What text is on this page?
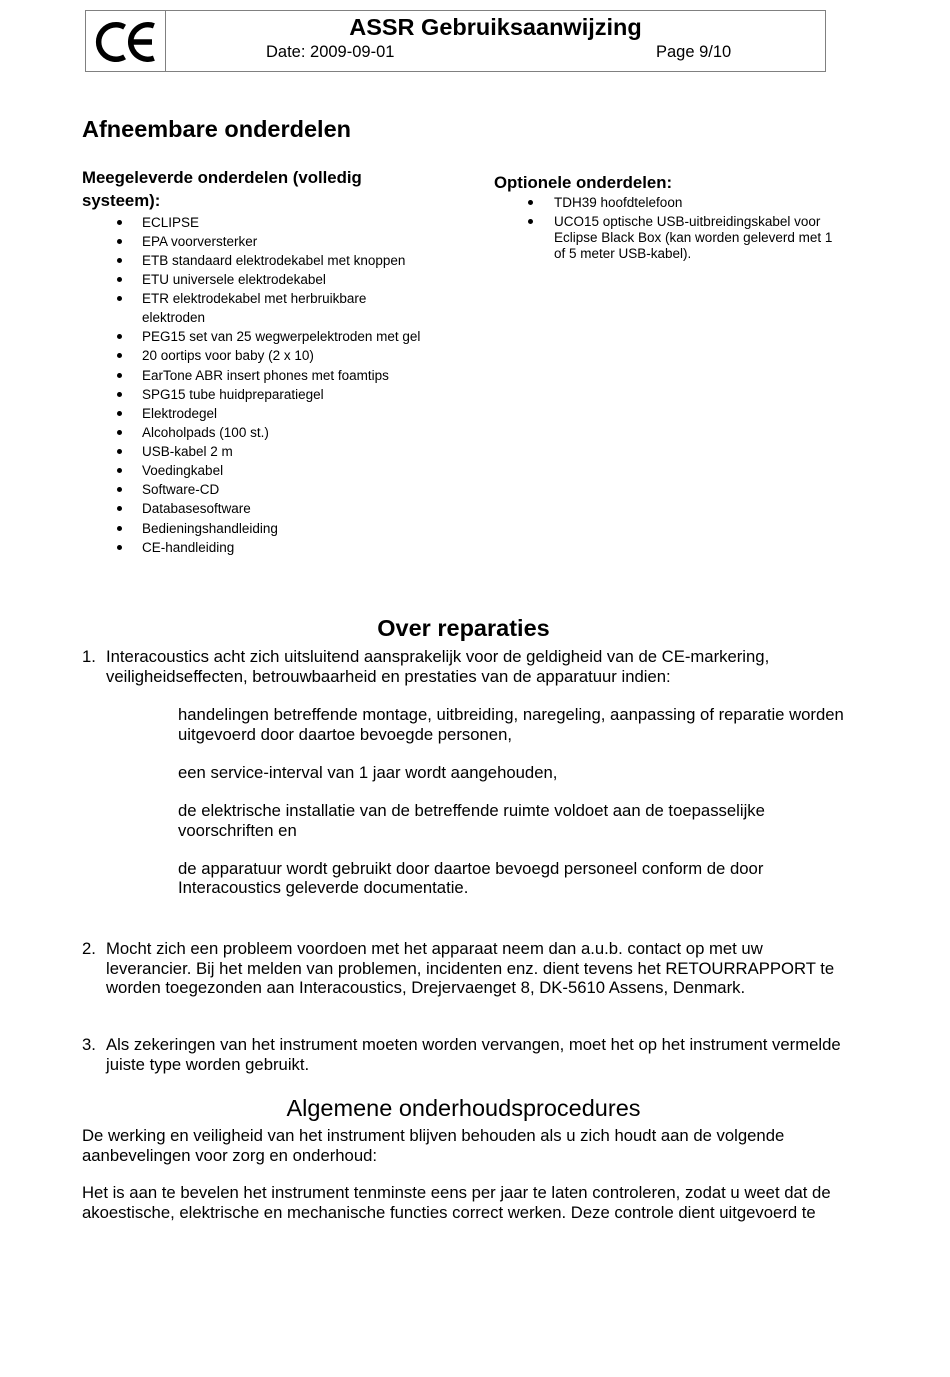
ASSR Gebruiksaanwijzing
Date: 2009-09-01	Page 9/10
Afneembare onderdelen
Meegeleverde onderdelen (volledig systeem):
ECLIPSE
EPA voorversterker
ETB standaard elektrodekabel met knoppen
ETU universele elektrodekabel
ETR elektrodekabel met herbruikbare elektroden
PEG15 set van 25 wegwerpelektroden met gel
20 oortips voor baby (2 x 10)
EarTone ABR insert phones met foamtips
SPG15 tube huidpreparatiegel
Elektrodegel
Alcoholpads (100 st.)
USB-kabel 2 m
Voedingkabel
Software-CD
Databasesoftware
Bedieningshandleiding
CE-handleiding
Optionele onderdelen:
TDH39 hoofdtelefoon
UCO15 optische USB-uitbreidingskabel voor Eclipse Black Box (kan worden geleverd met 1 of 5 meter USB-kabel).
Over reparaties
1. Interacoustics acht zich uitsluitend aansprakelijk voor de geldigheid van de CE-markering, veiligheidseffecten, betrouwbaarheid en prestaties van de apparatuur indien:

handelingen betreffende montage, uitbreiding, naregeling, aanpassing of reparatie worden uitgevoerd door daartoe bevoegde personen,

een service-interval van 1 jaar wordt aangehouden,

de elektrische installatie van de betreffende ruimte voldoet aan de toepasselijke voorschriften en

de apparatuur wordt gebruikt door daartoe bevoegd personeel conform de door Interacoustics geleverde documentatie.

2. Mocht zich een probleem voordoen met het apparaat neem dan a.u.b. contact op met uw leverancier. Bij het melden van problemen, incidenten enz. dient tevens het RETOURRAPPORT te worden toegezonden aan Interacoustics, Drejervaenget 8, DK-5610 Assens, Denmark.
3. Als zekeringen van het instrument moeten worden vervangen, moet het op het instrument vermelde juiste type worden gebruikt.
Algemene onderhoudsprocedures

De werking en veiligheid van het instrument blijven behouden als u zich houdt aan de volgende aanbevelingen voor zorg en onderhoud:

Het is aan te bevelen het instrument tenminste eens per jaar te laten controleren, zodat u weet dat de akoestische, elektrische en mechanische functies correct werken. Deze controle dient uitgevoerd te
